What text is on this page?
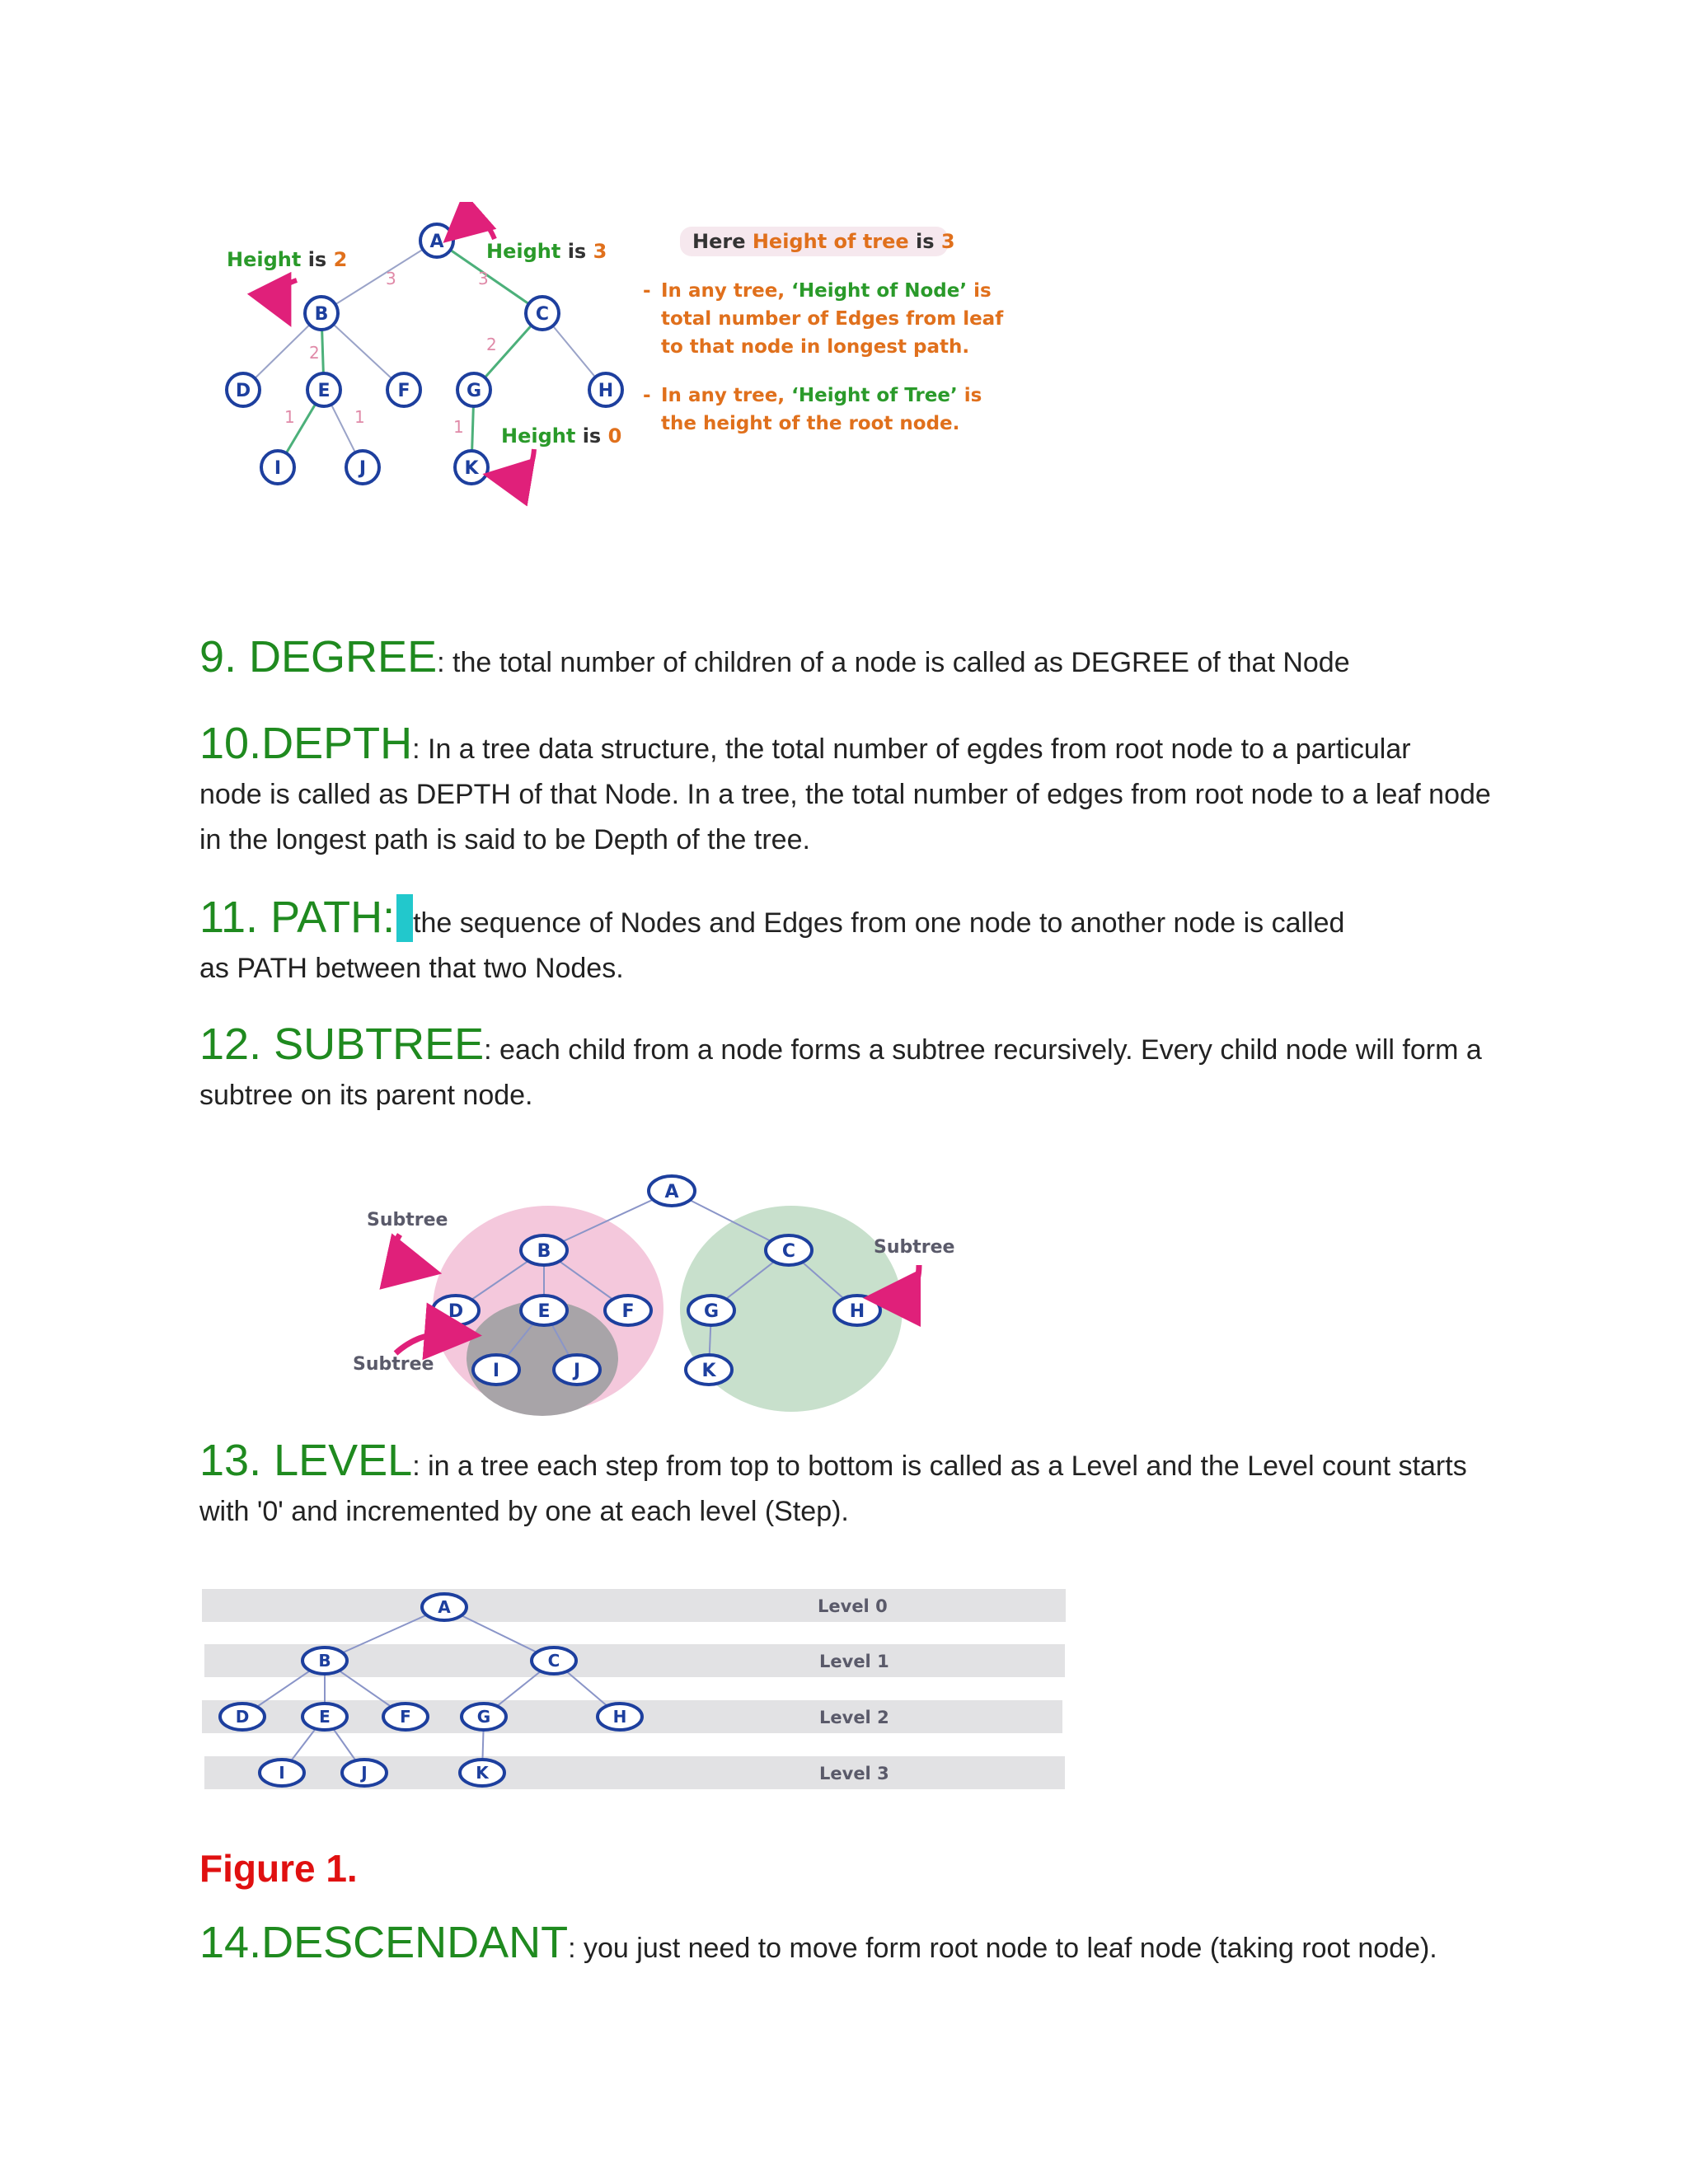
3	3
2	2
1	1	1
A
B	C
D	E	F	G	H
I	J	K
Height is 2	Height is 3
Height is 0
Here Height of tree is 3
- In any tree, ‘Height of Node’ is
total number of Edges from leaf
to that node in longest path.
- In any tree, ‘Height of Tree’ is
the height of the root node.
9. DEGREE: the total number of children of a node is called as DEGREE of that Node
10.DEPTH: In a tree data structure, the total number of egdes from root node to a particular
node is called as DEPTH of that Node. In a tree, the total number of edges from root node to a leaf node
in the longest path is said to be Depth of the tree.
11. PATH: the sequence of Nodes and Edges from one node to another node is called
as PATH between that two Nodes.
12. SUBTREE: each child from a node forms a subtree recursively. Every child node will form a
subtree on its parent node.
A
B	C
D	E	F	G	H
I	J	K
Subtree
Subtree
Subtree
13. LEVEL: in a tree each step from top to bottom is called as a Level and the Level count starts
with '0' and incremented by one at each level (Step).
Level 0
Level 1
Level 2
Level 3
A
B	C
D	E	F	G	H
I	J	K
Figure 1.
14.DESCENDANT: you just need to move form root node to leaf node (taking root node).
